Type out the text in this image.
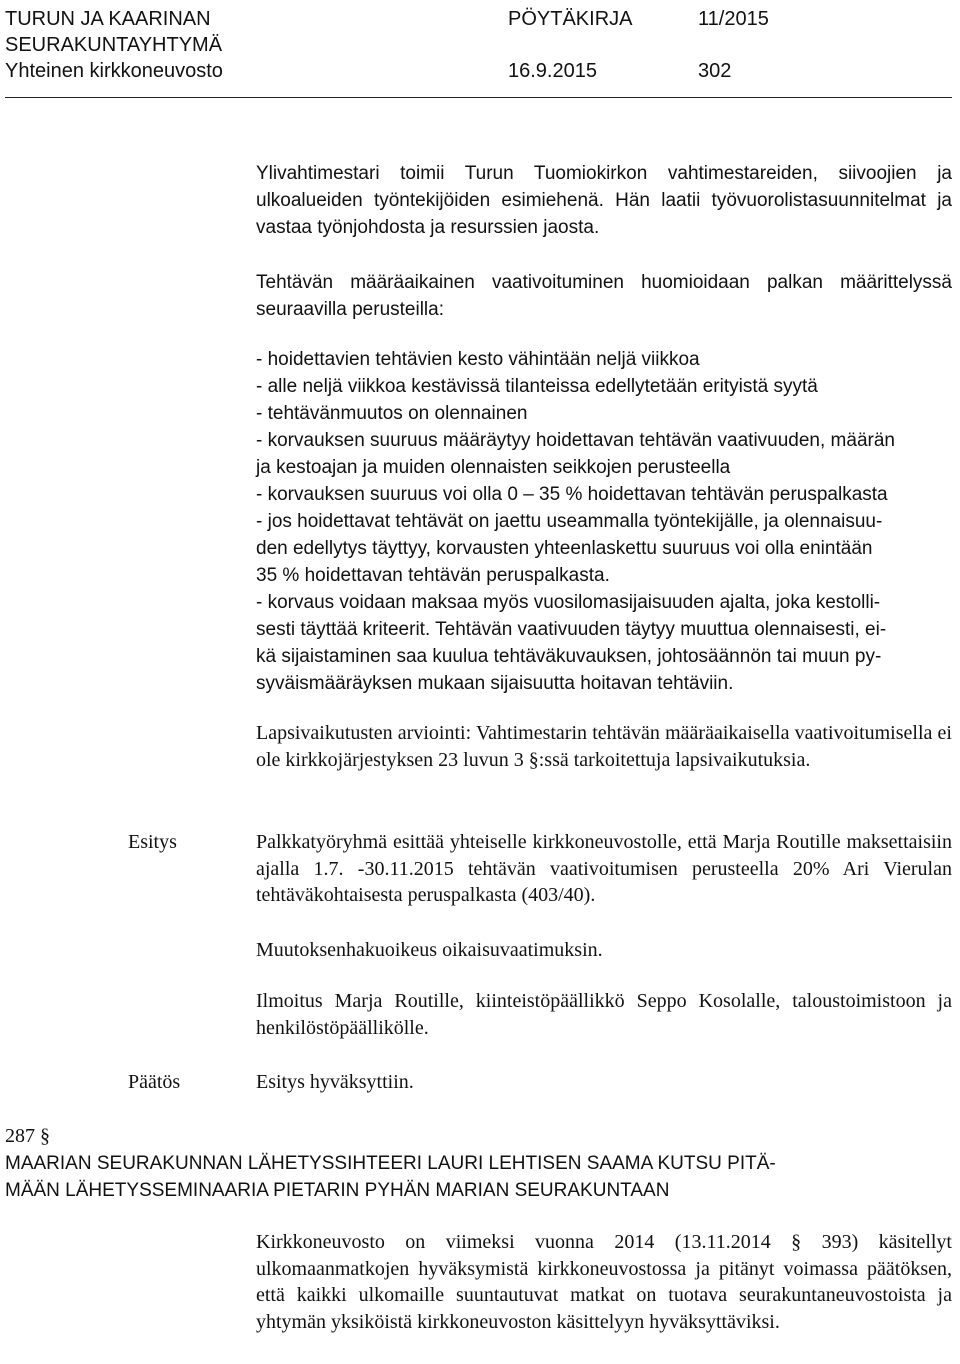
TURUN JA KAARINAN
SEURAKUNTAYHTYMÄ
Yhteinen kirkkoneuvosto
PÖYTÄKIRJA	11/2015
16.9.2015	302
Ylivahtimestari toimii Turun Tuomiokirkon vahtimestareiden, siivoojien ja ulkoalueiden työntekijöiden esimiehenä. Hän laatii työvuorolistasuunnitelmat ja vastaa työnjohdosta ja resurssien jaosta.
Tehtävän määräaikainen vaativoituminen huomioidaan palkan määrittelyssä seuraavilla perusteilla:
- hoidettavien tehtävien kesto vähintään neljä viikkoa
- alle neljä viikkoa kestävissä tilanteissa edellytetään erityistä syytä
- tehtävänmuutos on olennainen
- korvauksen suuruus määräytyy hoidettavan tehtävän vaativuuden, määrän
ja kestoajan ja muiden olennaisten seikkojen perusteella
- korvauksen suuruus voi olla 0 – 35 % hoidettavan tehtävän peruspalkasta
- jos hoidettavat tehtävät on jaettu useammalla työntekijälle, ja olennaisuu-
den edellytys täyttyy, korvausten yhteenlaskettu suuruus voi olla enintään
35 % hoidettavan tehtävän peruspalkasta.
- korvaus voidaan maksaa myös vuosilomasijaisuuden ajalta, joka kestolli-
sesti täyttää kriteerit. Tehtävän vaativuuden täytyy muuttua olennaisesti, ei-
kä sijaistaminen saa kuulua tehtäväkuvauksen, johtosäännön tai muun py-
syväismääräyksen mukaan sijaisuutta hoitavan tehtäviin.
Lapsivaikutusten arviointi: Vahtimestarin tehtävän määräaikaisella vaativoitumisella ei ole kirkkojärjestyksen 23 luvun 3 §:ssä tarkoitettuja lapsivaikutuksia.
Esitys	Palkkatyöryhmä esittää yhteiselle kirkkoneuvostolle, että Marja Routille maksettaisiin ajalla 1.7. -30.11.2015 tehtävän vaativoitumisen perusteella 20% Ari Vierulan tehtäväkohtaisesta peruspalkasta (403/40).
Muutoksenhakuoikeus oikaisuvaatimuksin.
Ilmoitus Marja Routille, kiinteistöpäällikkö Seppo Kosolalle, taloustoimistoon ja henkilöstöpäällikölle.
Päätös	Esitys hyväksyttiin.
287 §
MAARIAN SEURAKUNNAN LÄHETYSSIHTEERI LAURI LEHTISEN SAAMA KUTSU PITÄ-
MÄÄN LÄHETYSSEMINAARIA PIETARIN PYHÄN MARIAN SEURAKUNTAAN
Kirkkoneuvosto on viimeksi vuonna 2014 (13.11.2014 § 393) käsitellyt ulkomaanmatkojen hyväksymistä kirkkoneuvostossa ja pitänyt voimassa päätöksen, että kaikki ulkomaille suuntautuvat matkat on tuotava seurakuntaneuvostoista ja yhtymän yksiköistä kirkkoneuvoston käsittelyyn hyväksyttäviksi.
